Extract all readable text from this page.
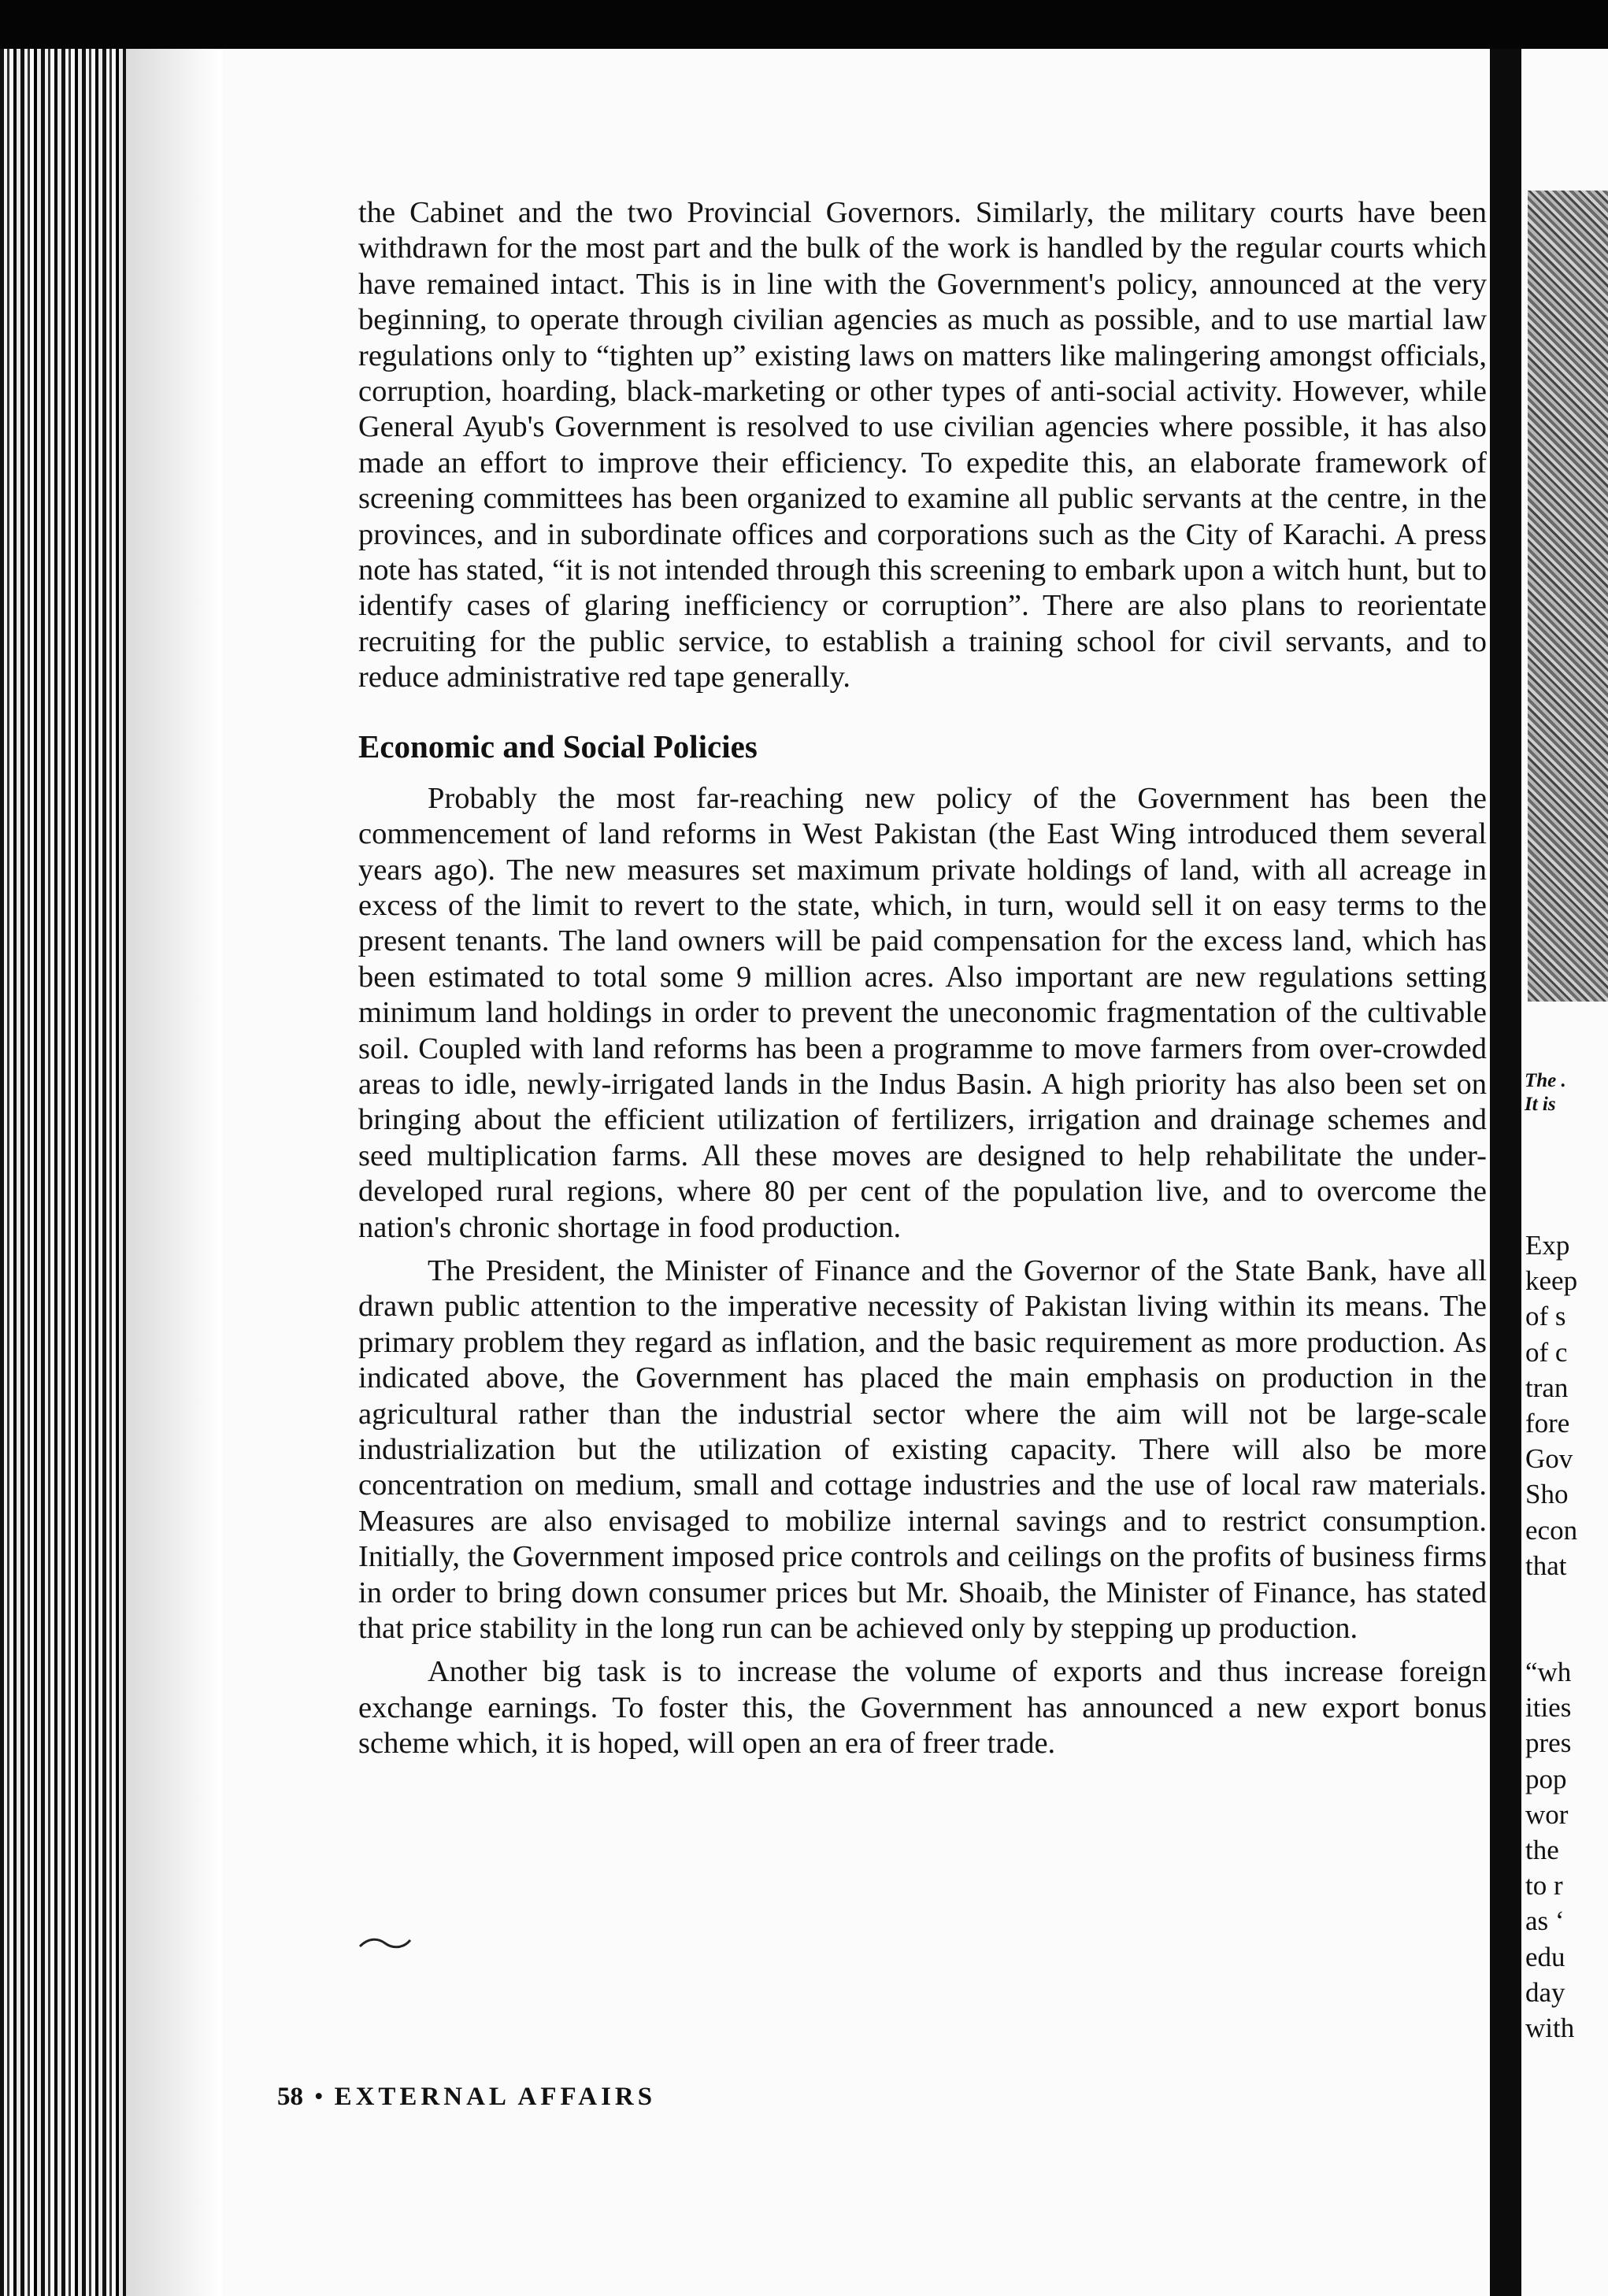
the Cabinet and the two Provincial Governors. Similarly, the military courts have been withdrawn for the most part and the bulk of the work is handled by the regular courts which have remained intact. This is in line with the Government's policy, announced at the very beginning, to operate through civilian agencies as much as possible, and to use martial law regulations only to “tighten up” existing laws on matters like malingering amongst officials, corruption, hoarding, black-marketing or other types of anti-social activity. However, while General Ayub's Government is resolved to use civilian agencies where possible, it has also made an effort to improve their efficiency. To expedite this, an elaborate framework of screening committees has been organized to examine all public servants at the centre, in the provinces, and in subordinate offices and corporations such as the City of Karachi. A press note has stated, “it is not intended through this screening to embark upon a witch hunt, but to identify cases of glaring inefficiency or corruption”. There are also plans to reorientate recruiting for the public service, to establish a training school for civil servants, and to reduce administrative red tape generally.

Economic and Social Policies

Probably the most far-reaching new policy of the Government has been the commencement of land reforms in West Pakistan (the East Wing introduced them several years ago). The new measures set maximum private holdings of land, with all acreage in excess of the limit to revert to the state, which, in turn, would sell it on easy terms to the present tenants. The land owners will be paid compensation for the excess land, which has been estimated to total some 9 million acres. Also important are new regulations setting minimum land holdings in order to prevent the uneconomic fragmentation of the cultivable soil. Coupled with land reforms has been a programme to move farmers from over-crowded areas to idle, newly-irrigated lands in the Indus Basin. A high priority has also been set on bringing about the efficient utilization of fertilizers, irrigation and drainage schemes and seed multiplication farms. All these moves are designed to help rehabilitate the under-developed rural regions, where 80 per cent of the population live, and to overcome the nation's chronic shortage in food production.

The President, the Minister of Finance and the Governor of the State Bank, have all drawn public attention to the imperative necessity of Pakistan living within its means. The primary problem they regard as inflation, and the basic requirement as more production. As indicated above, the Government has placed the main emphasis on production in the agricultural rather than the industrial sector where the aim will not be large-scale industrialization but the utilization of existing capacity. There will also be more concentration on medium, small and cottage industries and the use of local raw materials. Measures are also envisaged to mobilize internal savings and to restrict consumption. Initially, the Government imposed price controls and ceilings on the profits of business firms in order to bring down consumer prices but Mr. Shoaib, the Minister of Finance, has stated that price stability in the long run can be achieved only by stepping up production.

Another big task is to increase the volume of exports and thus increase foreign exchange earnings. To foster this, the Government has announced a new export bonus scheme which, it is hoped, will open an era of freer trade.

58 • EXTERNAL AFFAIRS
The .
It is
Exp
keep
of s
of c
tran
fore
Gov
Sho
econ
that
“wh
ities
pres
pop
wor
the
to r
as ‘
edu
day
with
